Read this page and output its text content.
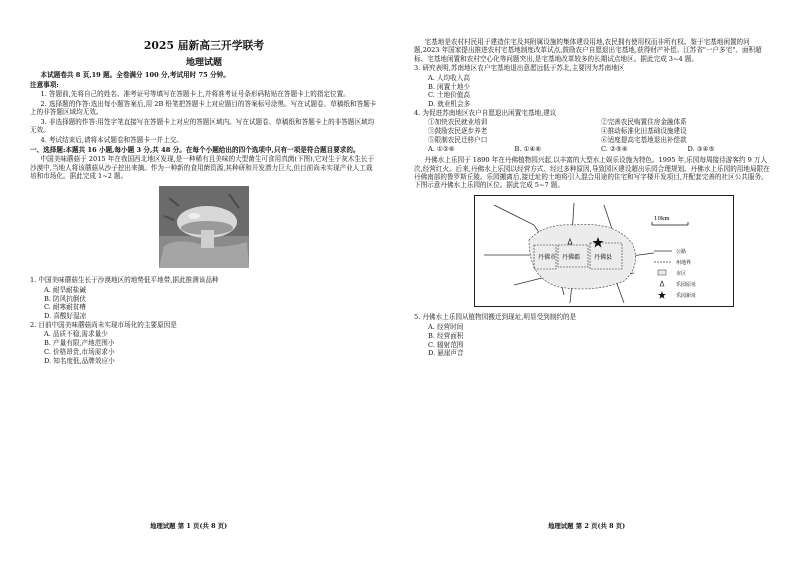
2025 届新高三开学联考

地理试题

本试题卷共 8 页,19 题。全卷满分 100 分,考试用时 75 分钟。

注意事项:

1. 答题前,先将自己的姓名、准考证号等填写在答题卡上,并将准考证号条形码粘贴在答题卡上的指定位置。

2. 选择题的作答:选出每小题答案后,用 2B 铅笔把答题卡上对应题目的答案标号涂黑。写在试题卷、草稿纸和答题卡上的非答题区域均无效。

3. 非选择题的作答:用签字笔直接写在答题卡上对应的答题区域内。写在试题卷、草稿纸和答题卡上的非答题区域均无效。

4. 考试结束后,请将本试题卷和答题卡一并上交。

一、选择题:本题共 16 小题,每小题 3 分,共 48 分。在每个小题给出的四个选项中,只有一项是符合题目要求的。

中国美味蘑菇于 2015 年在我国西北地区发现,是一种稀有且美味的大型菌生可食用真菌(下图),它对生于灰木生长于沙漠中,当地人将该蘑菇从沙子挖出来摘。作为一种新的食用菌资源,其种研和开发潜力巨大,但目前尚未实现产业人工栽培和市场化。据此完成 1~2 题。

1. 中国美味蘑菇生长于沙漠地区的地势低平地带,据此推测该品种

A. 耐旱耐盐碱
B. 防风抗倒伏
C. 耐寒耐贫瘠
D. 喜酸好湿凉

2. 目前中国美味蘑菇尚未实现市场化的主要原因是

A. 品质不稳,需求量少
B. 产量有限,产地范围小
C. 价格昂贵,市场需求小
D. 知名度低,品牌效应小
地理试题 第 1 页(共 8 页)

宅基地是农村村民用于建造住宅及其附属设施的集体建设用地,农民拥有使用权而非所有权。鉴于宅基地闲置的问题,2023 年国家提出推进农村宅基地制度改革试点,鼓励农户自愿退出宅基地,获得财产补偿。江苏省"一户多宅"、面积超标、宅基地闲置和农村空心化等问题突出,是宅基地改革较多的长期试点地区。据此完成 3~4 题。

3. 研究表明,苏南地区农户宅基地退出意愿远低于苏北,主要因为苏南地区

A. 人均收入高
B. 闲置土地少
C. 土地价值高
D. 就业机会多

4. 为促进苏南地区农户自愿退出闲置宅基地,建议

①加快农民就业培训	②完善农民购置住房金融体系
③鼓励农民逐步养老	④推动标准化田基础设施建设
⑤限制农民迁移户口	⑥适度提高宅基地退出补偿款
A. ①②⑥	B. ①④⑥	C. ②⑤⑥	D. ③④⑤

丹佛水上乐园于 1890 年在丹佛植物园兴起,以丰富的大型水上娱乐设施为特色。1995 年,乐园每周接待游客约 9 万人次,经营红火。后来,丹佛水上乐园以经营方式、经过多种原因,导致园区建设超出乐园合理规划。丹佛水上乐园的用地局限在丹佛南部的鲁罗斯丘陵。乐园搬离后,接迁址的土地将引入混合用途的住宅和写字楼开发项目,并配套完善的社区公共服务。下图示意丹佛水上乐园的区位。据此完成 5~7 题。

丹佛市 丹佛郡 丹佛县
10km
公路
州地界
市区
乐园原址
乐园新址

5. 丹佛水上乐园从植物园搬迁到现址,明显受到制约的是

A. 经营时间
B. 经营面积
C. 辐射范围
D. 悬崖声音
地理试题 第 2 页(共 8 页)
